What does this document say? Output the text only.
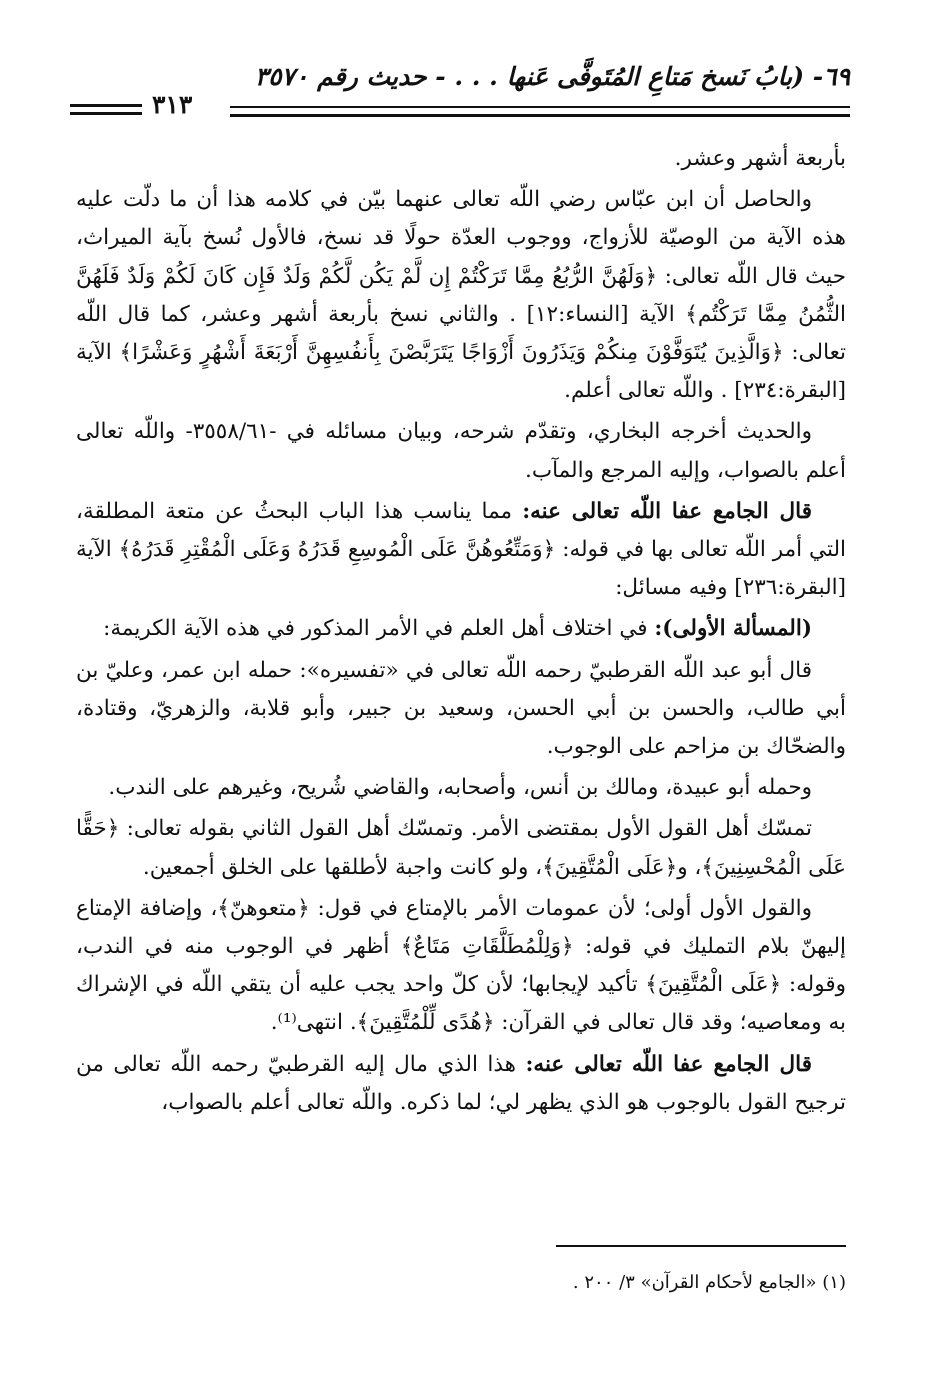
٦٩- (بابُ نَسخ مَتاعِ المُتَوفَّى عَنها . . . - حديث رقم ٣٥٧٠
٣١٣

بأربعة أشهر وعشر.

والحاصل أن ابن عبّاس رضي اللّه تعالى عنهما بيّن في كلامه هذا أن ما دلّت عليه هذه الآية من الوصيّة للأزواج، ووجوب العدّة حولًا قد نسخ، فالأول نُسخ بآية الميراث، حيث قال اللّه تعالى: ﴿وَلَهُنَّ الرُّبُعُ مِمَّا تَرَكْتُمْ إِن لَّمْ يَكُن لَّكُمْ وَلَدٌ فَإِن كَانَ لَكُمْ وَلَدٌ فَلَهُنَّ الثُّمُنُ مِمَّا تَرَكْتُم﴾ الآية [النساء:١٢] . والثاني نسخ بأربعة أشهر وعشر، كما قال اللّه تعالى: ﴿وَالَّذِينَ يُتَوَفَّوْنَ مِنكُمْ وَيَذَرُونَ أَزْوَاجًا يَتَرَبَّصْنَ بِأَنفُسِهِنَّ أَرْبَعَةَ أَشْهُرٍ وَعَشْرًا﴾ الآية [البقرة:٢٣٤] . واللّه تعالى أعلم.

والحديث أخرجه البخاري، وتقدّم شرحه، وبيان مسائله في -٣٥٥٨/٦١- واللّه تعالى أعلم بالصواب، وإليه المرجع والمآب.

قال الجامع عفا اللّه تعالى عنه: مما يناسب هذا الباب البحثُ عن متعة المطلقة، التي أمر اللّه تعالى بها في قوله: ﴿وَمَتِّعُوهُنَّ عَلَى الْمُوسِعِ قَدَرُهُ وَعَلَى الْمُقْتِرِ قَدَرُهُ﴾ الآية [البقرة:٢٣٦] وفيه مسائل:

(المسألة الأولى): في اختلاف أهل العلم في الأمر المذكور في هذه الآية الكريمة:

قال أبو عبد اللّه القرطبيّ رحمه اللّه تعالى في «تفسيره»: حمله ابن عمر، وعليّ بن أبي طالب، والحسن بن أبي الحسن، وسعيد بن جبير، وأبو قلابة، والزهريّ، وقتادة، والضحّاك بن مزاحم على الوجوب.

وحمله أبو عبيدة، ومالك بن أنس، وأصحابه، والقاضي شُريح، وغيرهم على الندب.

تمسّك أهل القول الأول بمقتضى الأمر. وتمسّك أهل القول الثاني بقوله تعالى: ﴿حَقًّا عَلَى الْمُحْسِنِينَ﴾، و﴿عَلَى الْمُتَّقِينَ﴾، ولو كانت واجبة لأطلقها على الخلق أجمعين.

والقول الأول أولى؛ لأن عمومات الأمر بالإمتاع في قول: ﴿متعوهنّ﴾، وإضافة الإمتاع إليهنّ بلام التمليك في قوله: ﴿وَلِلْمُطَلَّقَاتِ مَتَاعٌ﴾ أظهر في الوجوب منه في الندب، وقوله: ﴿عَلَى الْمُتَّقِينَ﴾ تأكيد لإيجابها؛ لأن كلّ واحد يجب عليه أن يتقي اللّه في الإشراك به ومعاصيه؛ وقد قال تعالى في القرآن: ﴿هُدًى لِّلْمُتَّقِينَ﴾. انتهى⁽¹⁾.

قال الجامع عفا اللّه تعالى عنه: هذا الذي مال إليه القرطبيّ رحمه اللّه تعالى من ترجيح القول بالوجوب هو الذي يظهر لي؛ لما ذكره. واللّه تعالى أعلم بالصواب،

(١) «الجامع لأحكام القرآن» ٣/ ٢٠٠ .
